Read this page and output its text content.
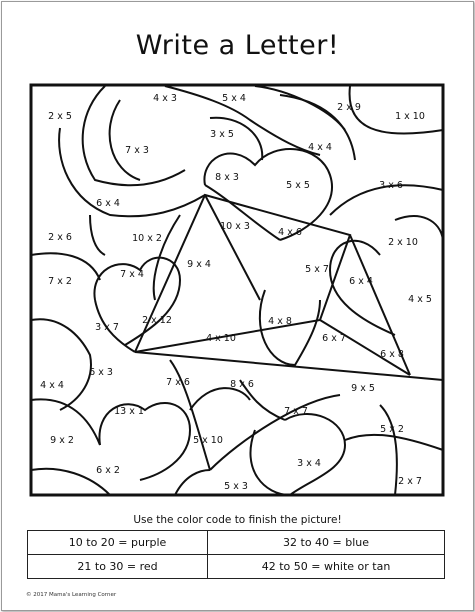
Write a Letter!
2 x 5
4 x 3	5 x 4
2 x 9
1 x 10
7 x 3
3 x 5
4 x 4
8 x 3
5 x 5	3 x 6
6 x 4
10 x 3
4 x 6
2 x 6	10 x 2	2 x 10
9 x 4	5 x 7
7 x 2
7 x 4
6 x 4
4 x 5
2 x 12	4 x 8
3 x 7
4 x 10	6 x 7
6 x 8
4 x 4
6 x 3
7 x 6	8 x 6	9 x 5
13 x 1	7 x 7
5 x 2
9 x 2	5 x 10
3 x 4
6 x 2
2 x 7
5 x 3
Use the color code to finish the picture!
10 to 20 = purple	32 to 40 = blue
21 to 30 = red	42 to 50 = white or tan
© 2017 Mama's Learning Corner
